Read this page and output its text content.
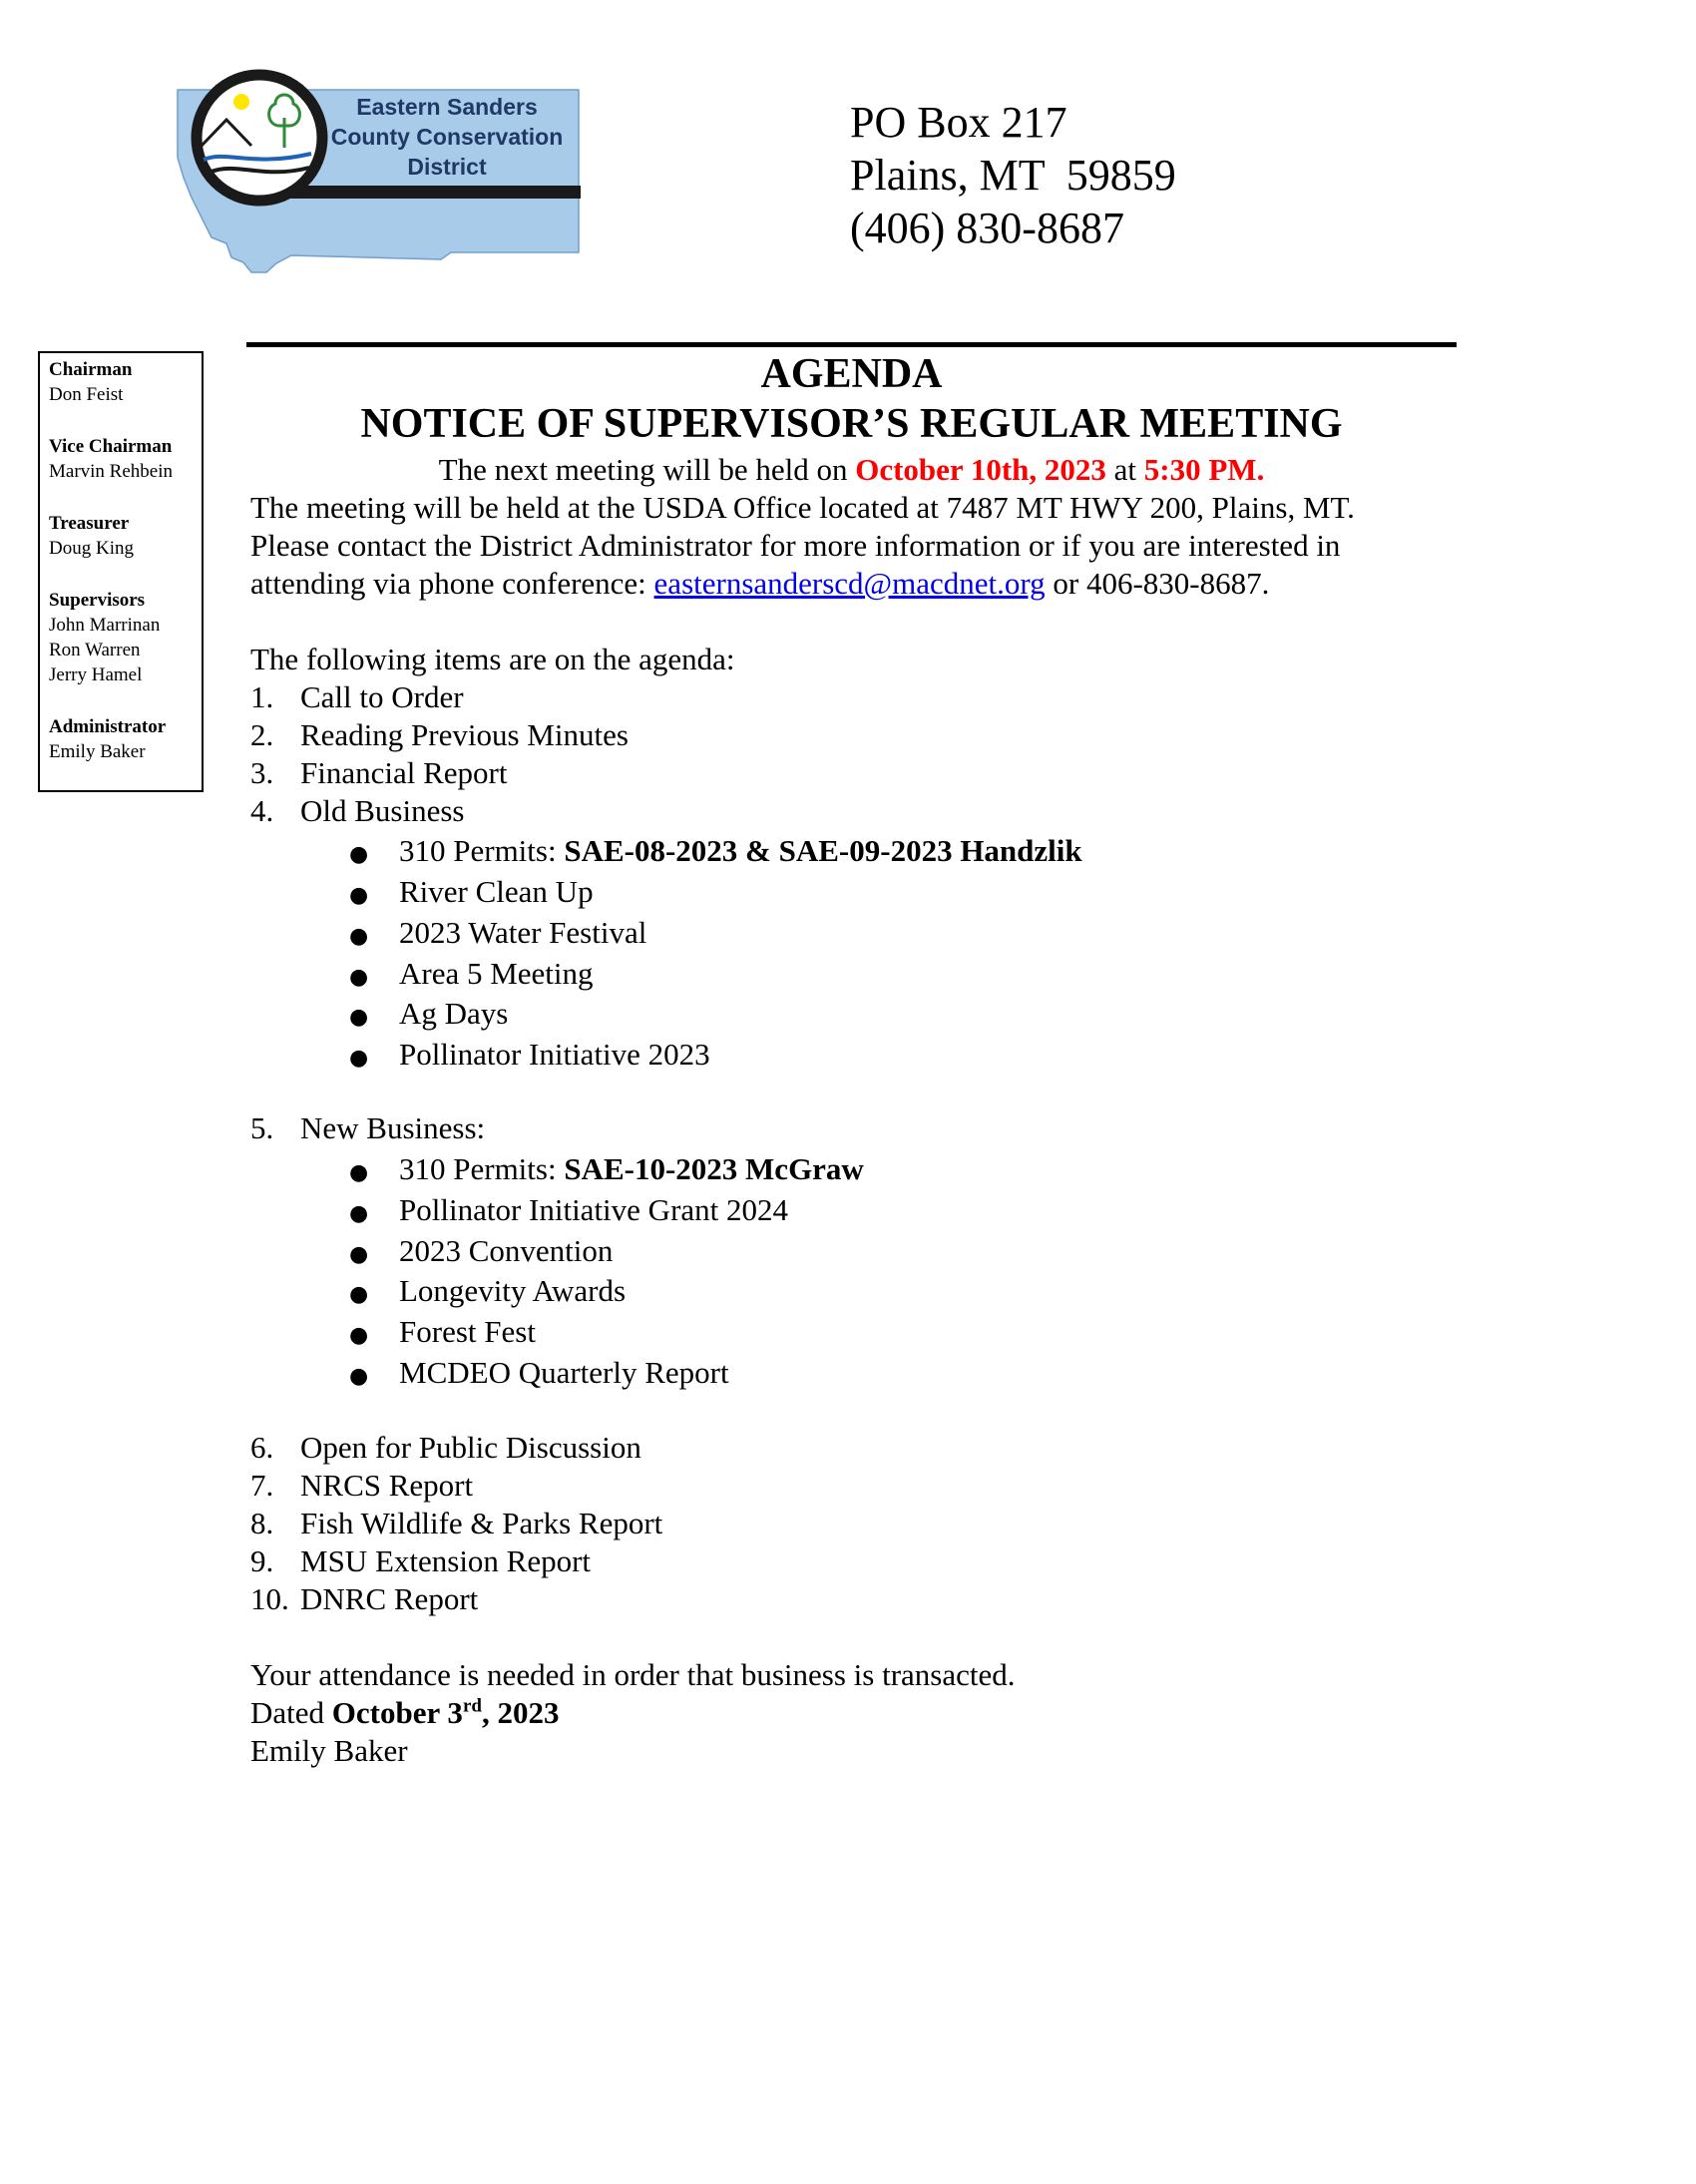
Eastern Sanders
County Conservation
District
PO Box 217
Plains, MT  59859
(406) 830-8687
Chairman
Don Feist
Vice Chairman
Marvin Rehbein
Treasurer
Doug King
Supervisors
John Marrinan
Ron Warren
Jerry Hamel
Administrator
Emily Baker
AGENDA
NOTICE OF SUPERVISOR’S REGULAR MEETING
The next meeting will be held on October 10th, 2023 at 5:30 PM.
The meeting will be held at the USDA Office located at 7487 MT HWY 200, Plains, MT.
Please contact the District Administrator for more information or if you are interested in
attending via phone conference: easternsanderscd@macdnet.org or 406-830-8687.
The following items are on the agenda:
1. Call to Order
2. Reading Previous Minutes
3. Financial Report
4. Old Business
● 310 Permits: SAE-08-2023 & SAE-09-2023 Handzlik
● River Clean Up
● 2023 Water Festival
● Area 5 Meeting
● Ag Days
● Pollinator Initiative 2023
5. New Business:
● 310 Permits: SAE-10-2023 McGraw
● Pollinator Initiative Grant 2024
● 2023 Convention
● Longevity Awards
● Forest Fest
● MCDEO Quarterly Report
6. Open for Public Discussion
7. NRCS Report
8. Fish Wildlife & Parks Report
9. MSU Extension Report
10. DNRC Report
Your attendance is needed in order that business is transacted.
Dated October 3rd, 2023
Emily Baker
